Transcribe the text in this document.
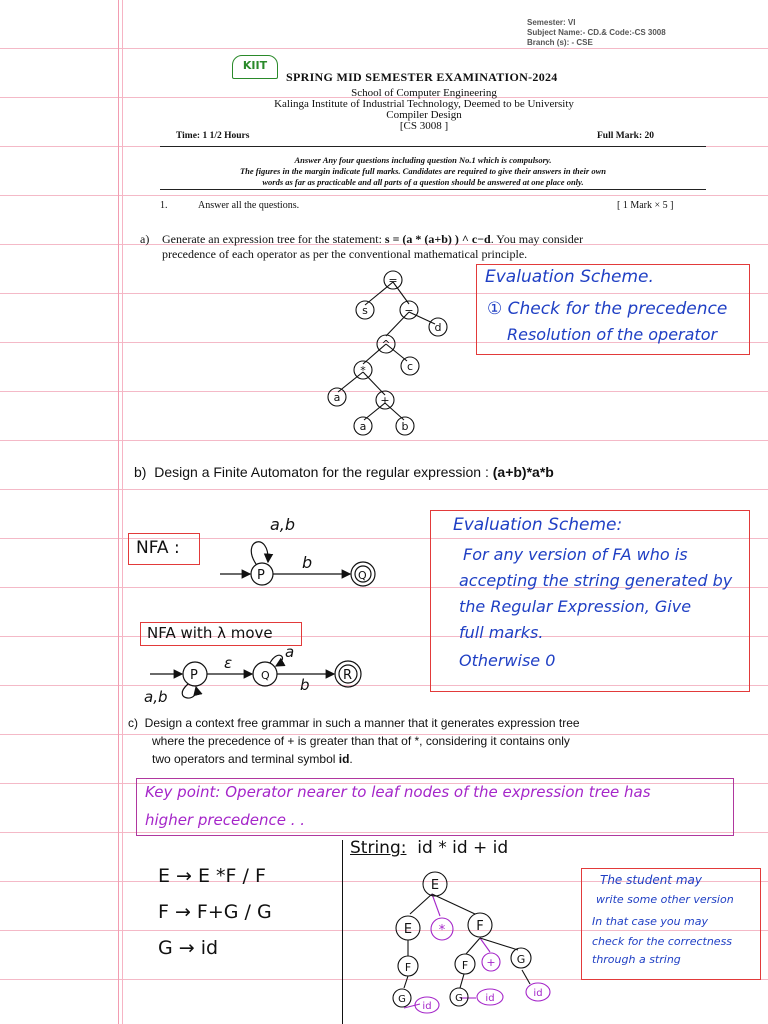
Semester: VI
Subject Name:- CD.& Code:-CS 3008
Branch (s): - CSE
KIIT
SPRING MID SEMESTER EXAMINATION-2024
School of Computer Engineering
Kalinga Institute of Industrial Technology, Deemed to be University
Compiler Design
[CS 3008 ]
Time: 1 1/2 Hours	Full Mark: 20
Answer Any four questions including question No.1 which is compulsory.
The figures in the margin indicate full marks. Candidates are required to give their answers in their own
words as far as practicable and all parts of a question should be answered at one place only.
1.	Answer all the questions.	[ 1 Mark × 5 ]
a) Generate an expression tree for the statement: s = (a * (a+b) ) ^ c−d. You may consider
precedence of each operator as per the conventional mathematical principle.
Evaluation Scheme.
① Check for the precedence
Resolution of the operator
=
s	−
d
^
*	c
a	+
a	b
b) Design a Finite Automaton for the regular expression : (a+b)*a*b
NFA :
a,b
b
P	Q
NFA with λ move
a,b
ε
a
b
P	Q	R
Evaluation Scheme:
For any version of FA who is
accepting the string generated by
the Regular Expression, Give
full marks.
Otherwise 0
c) Design a context free grammar in such a manner that it generates expression tree
where the precedence of + is greater than that of *, considering it contains only
two operators and terminal symbol id.
Key point: Operator nearer to leaf nodes of the expression tree has
higher precedence . .
E → E *F / F
F → F+G / G
G → id
String: id * id + id
E
E * F
F	F + G
G
id
G id	id
The student may
write some other version
In that case you may
check for the correctness
through a string
